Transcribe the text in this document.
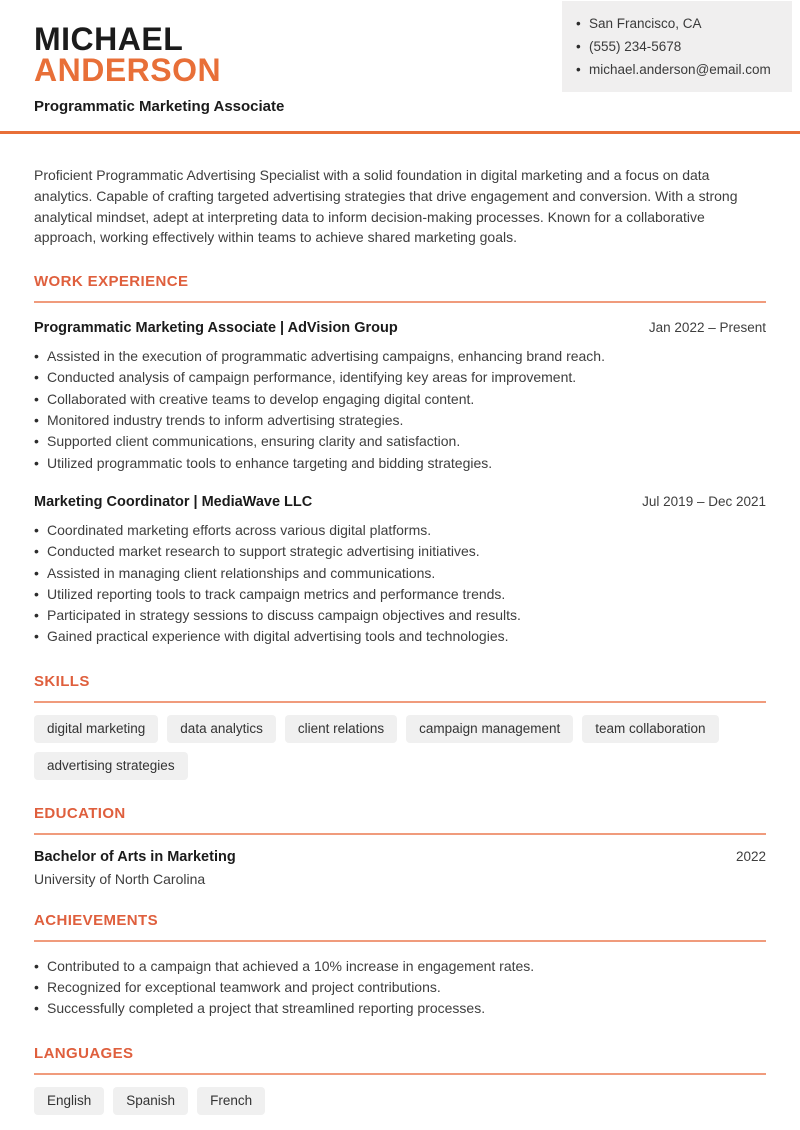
MICHAEL
ANDERSON
Programmatic Marketing Associate
• San Francisco, CA
• (555) 234-5678
• michael.anderson@email.com

Proficient Programmatic Advertising Specialist with a solid foundation in digital marketing and a focus on data analytics. Capable of crafting targeted advertising strategies that drive engagement and conversion. With a strong analytical mindset, adept at interpreting data to inform decision-making processes. Known for a collaborative approach, working effectively within teams to achieve shared marketing goals.

WORK EXPERIENCE
Programmatic Marketing Associate | AdVision Group	Jan 2022 – Present
• Assisted in the execution of programmatic advertising campaigns, enhancing brand reach.
• Conducted analysis of campaign performance, identifying key areas for improvement.
• Collaborated with creative teams to develop engaging digital content.
• Monitored industry trends to inform advertising strategies.
• Supported client communications, ensuring clarity and satisfaction.
• Utilized programmatic tools to enhance targeting and bidding strategies.
Marketing Coordinator | MediaWave LLC	Jul 2019 – Dec 2021
• Coordinated marketing efforts across various digital platforms.
• Conducted market research to support strategic advertising initiatives.
• Assisted in managing client relationships and communications.
• Utilized reporting tools to track campaign metrics and performance trends.
• Participated in strategy sessions to discuss campaign objectives and results.
• Gained practical experience with digital advertising tools and technologies.
SKILLS
digital marketing	data analytics	client relations	campaign management	team collaboration
advertising strategies
EDUCATION
Bachelor of Arts in Marketing	2022
University of North Carolina
ACHIEVEMENTS
• Contributed to a campaign that achieved a 10% increase in engagement rates.
• Recognized for exceptional teamwork and project contributions.
• Successfully completed a project that streamlined reporting processes.
LANGUAGES
English	Spanish	French
